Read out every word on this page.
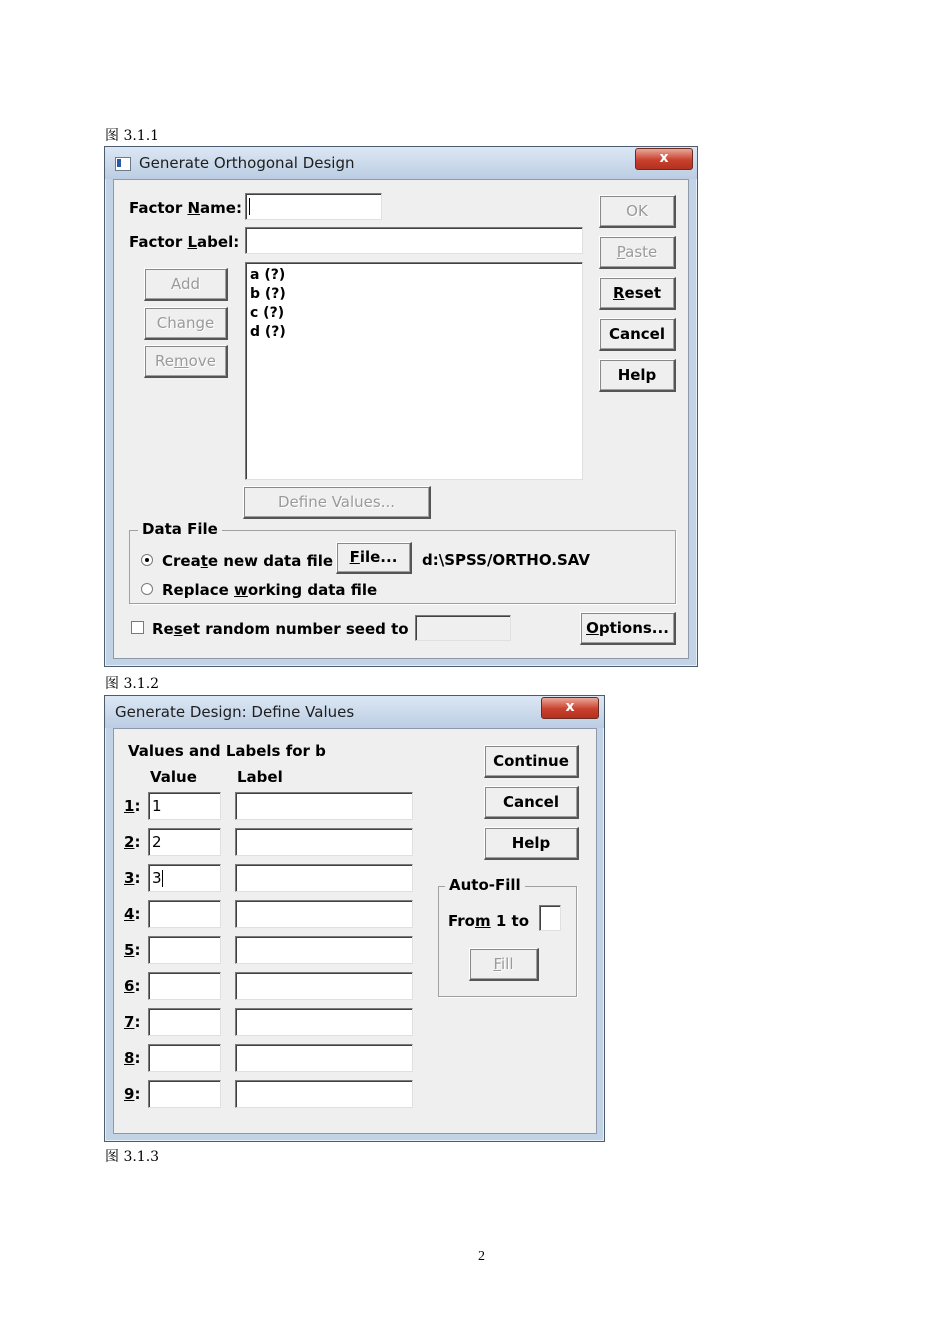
图 3.1.1
Generate Orthogonal Design	x
Factor Name:
Factor Label:
Add
Change
Remove
a (?)
b (?)
c (?)
d (?)
OK
Paste
Reset
Cancel
Help
Define Values...
Data File
Create new data file	File...	d:\SPSS/ORTHO.SAV
Replace working data file
Reset random number seed to	Options...
图 3.1.2
Generate Design: Define Values	x
Values and Labels for b
Value	Label
1: 1
2: 2
3: 3
4:
5:
6:
7:
8:
9:
Continue
Cancel
Help
Auto-Fill
From 1 to
Fill
图 3.1.3
2
